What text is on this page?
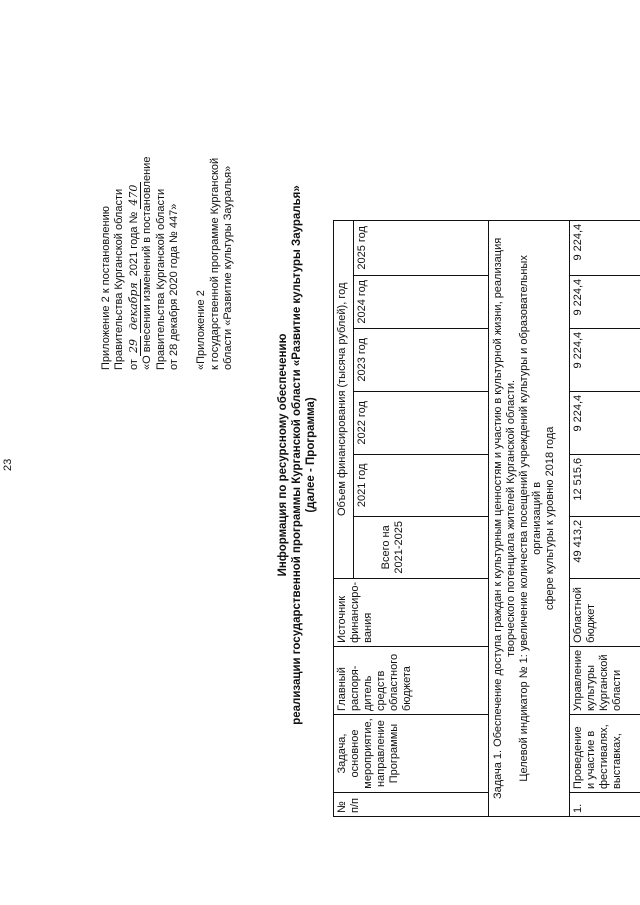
23
Приложение 2 к постановлению Правительства Курганской области от 29 декабря 2021 года № 470 «О внесении изменений в постановление Правительства Курганской области от 28 декабря 2020 года № 447» «Приложение 2 к государственной программе Курганской области «Развитие культуры Зауралья»
Информация по ресурсному обеспечению реализации государственной программы Курганской области «Развитие культуры Зауралья» (далее - Программа)
№ п/п	Задача, основное мероприятие, направление Программы	Главный распоря-дитель средств областного бюджета	Источник финансиро-вания	Объем финансирования (тысяча рублей), год					
				Всего на 2021-2025	2021 год	2022 год	2023 год	2024 год	2025 год

Задача 1. Обеспечение доступа граждан к культурным ценностям и участию в культурной жизни, реализация творческого потенциала жителей Курганской области. Целевой индикатор № 1: увеличение количества посещений учреждений культуры и образовательных организаций в сфере культуры к уровню 2018 года									

1.	Проведение и участие в фестивалях, выставках,	Управление культуры Курганской области	Областной бюджет	49 413,2	12 515,6	9 224,4	9 224,4	9 224,4	9 224,4
